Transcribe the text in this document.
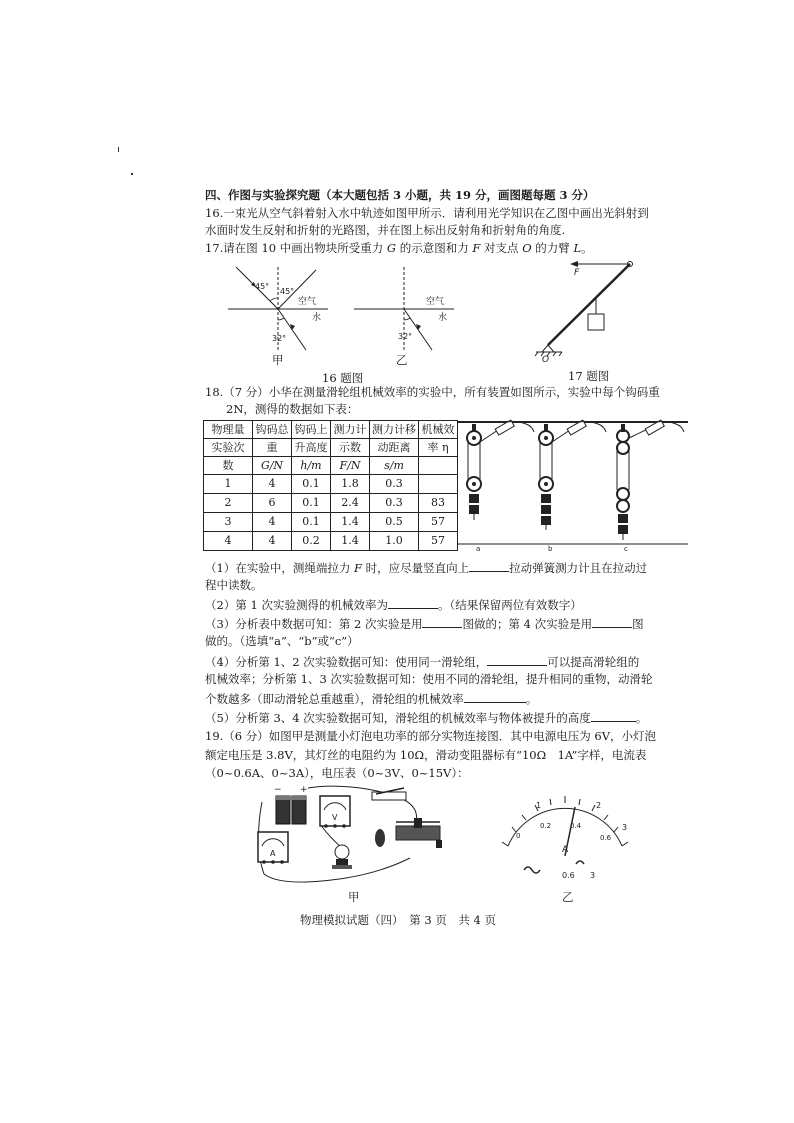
四、作图与实验探究题（本大题包括 3 小题，共 19 分，画图题每题 3 分）
16.一束光从空气斜着射入水中轨迹如图甲所示．请利用光学知识在乙图中画出光斜射到
水面时发生反射和折射的光路图，并在图上标出反射角和折射角的角度.
17.请在图 10 中画出物块所受重力 G 的示意图和力 F 对支点 O 的力臂 L。
45°
45°
空气
水
32°
甲
空气
水
32°
乙
16 题图
F
O
17 题图
18.（7 分）小华在测量滑轮组机械效率的实验中，所有装置如图所示，实验中每个钩码重
2N，测得的数据如下表：
物理量	钩码总	钩码上	测力计	测力计移	机械效
实验次	重	升高度	示数	动距离	率 η
数	G/N	h/m	F/N	s/m	
1	4	0.1	1.8	0.3	
2	6	0.1	2.4	0.3	83
3	4	0.1	1.4	0.5	57
4	4	0.2	1.4	1.0	57
a	b	c
（1）在实验中，测绳端拉力 F 时，应尽量竖直向上	拉动弹簧测力计且在拉动过
程中读数。
（2）第 1 次实验测得的机械效率为	。（结果保留两位有效数字）
（3）分析表中数据可知：第 2 次实验是用	图做的；第 4 次实验是用	图
做的。（选填“a”、“b”或“c”）
（4）分析第 1、2 次实验数据可知：使用同一滑轮组，	可以提高滑轮组的
机械效率；分析第 1、3 次实验数据可知：使用不同的滑轮组，提升相同的重物，动滑轮
个数越多（即动滑轮总重越重），滑轮组的机械效率	。
（5）分析第 3、4 次实验数据可知，滑轮组的机械效率与物体被提升的高度	。
19.（6 分）如图甲是测量小灯泡电功率的部分实物连接图．其中电源电压为 6V，小灯泡
额定电压是 3.8V，其灯丝的电阻约为 10Ω，滑动变阻器标有“10Ω　1A”字样，电流表
（0~0.6A、0~3A），电压表（0~3V、0~15V）：
− +
V
A
甲
1	2
0.2	0.4	3
0.6
0
A
0.6 3
乙
物理模拟试题（四）　第 3 页　共 4 页
